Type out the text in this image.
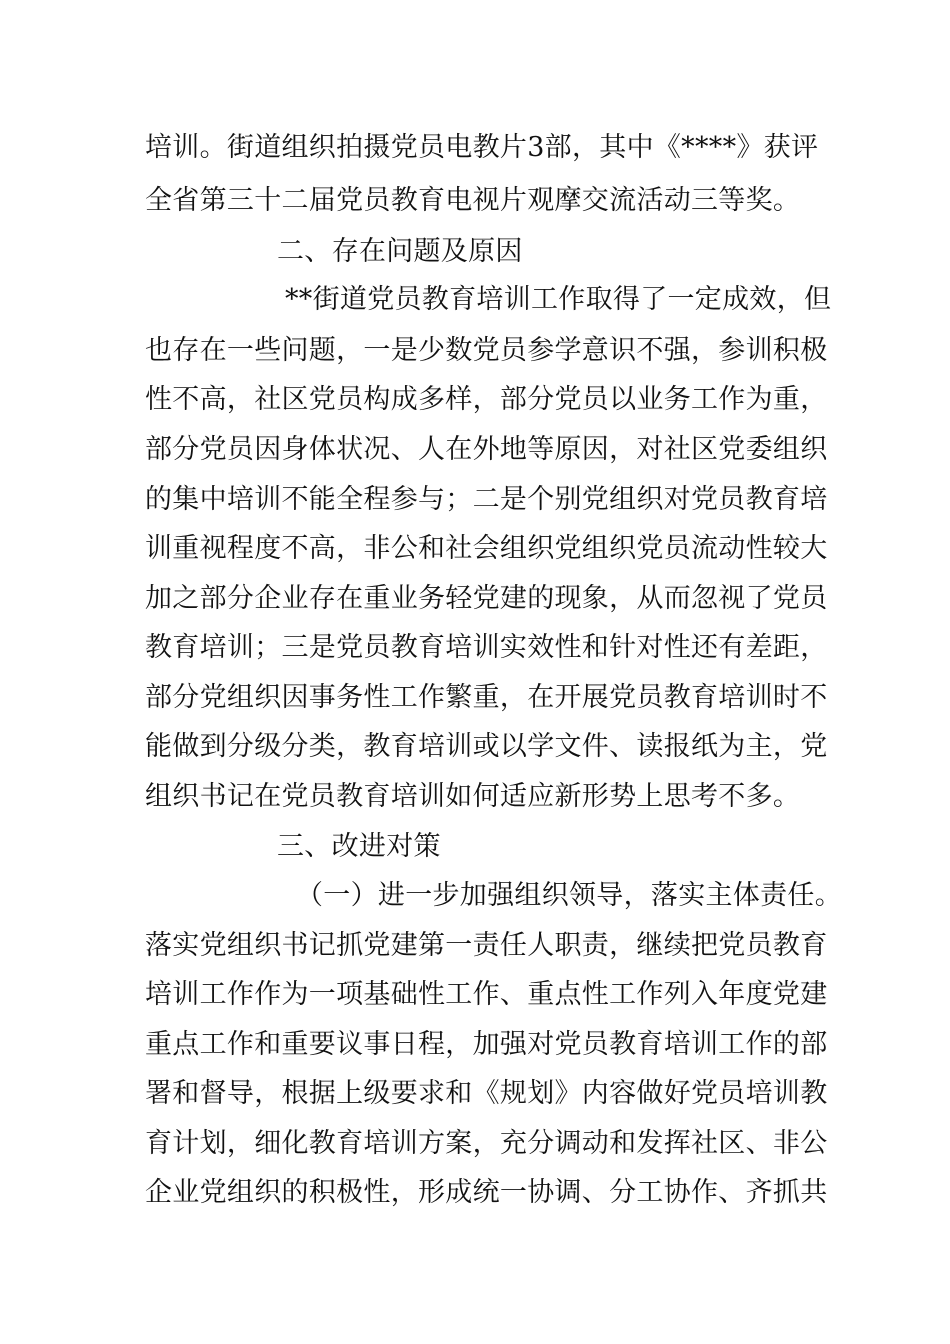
培训。街道组织拍摄党员电教片3部，其中《****》获评
全省第三十二届党员教育电视片观摩交流活动三等奖。
二、存在问题及原因
**街道党员教育培训工作取得了一定成效，但
也存在一些问题，一是少数党员参学意识不强，参训积极
性不高，社区党员构成多样，部分党员以业务工作为重，
部分党员因身体状况、人在外地等原因，对社区党委组织
的集中培训不能全程参与；二是个别党组织对党员教育培
训重视程度不高，非公和社会组织党组织党员流动性较大
加之部分企业存在重业务轻党建的现象，从而忽视了党员
教育培训；三是党员教育培训实效性和针对性还有差距，
部分党组织因事务性工作繁重，在开展党员教育培训时不
能做到分级分类，教育培训或以学文件、读报纸为主，党
组织书记在党员教育培训如何适应新形势上思考不多。
三、改进对策
（一）进一步加强组织领导，落实主体责任。
落实党组织书记抓党建第一责任人职责，继续把党员教育
培训工作作为一项基础性工作、重点性工作列入年度党建
重点工作和重要议事日程，加强对党员教育培训工作的部
署和督导，根据上级要求和《规划》内容做好党员培训教
育计划，细化教育培训方案，充分调动和发挥社区、非公
企业党组织的积极性，形成统一协调、分工协作、齐抓共
